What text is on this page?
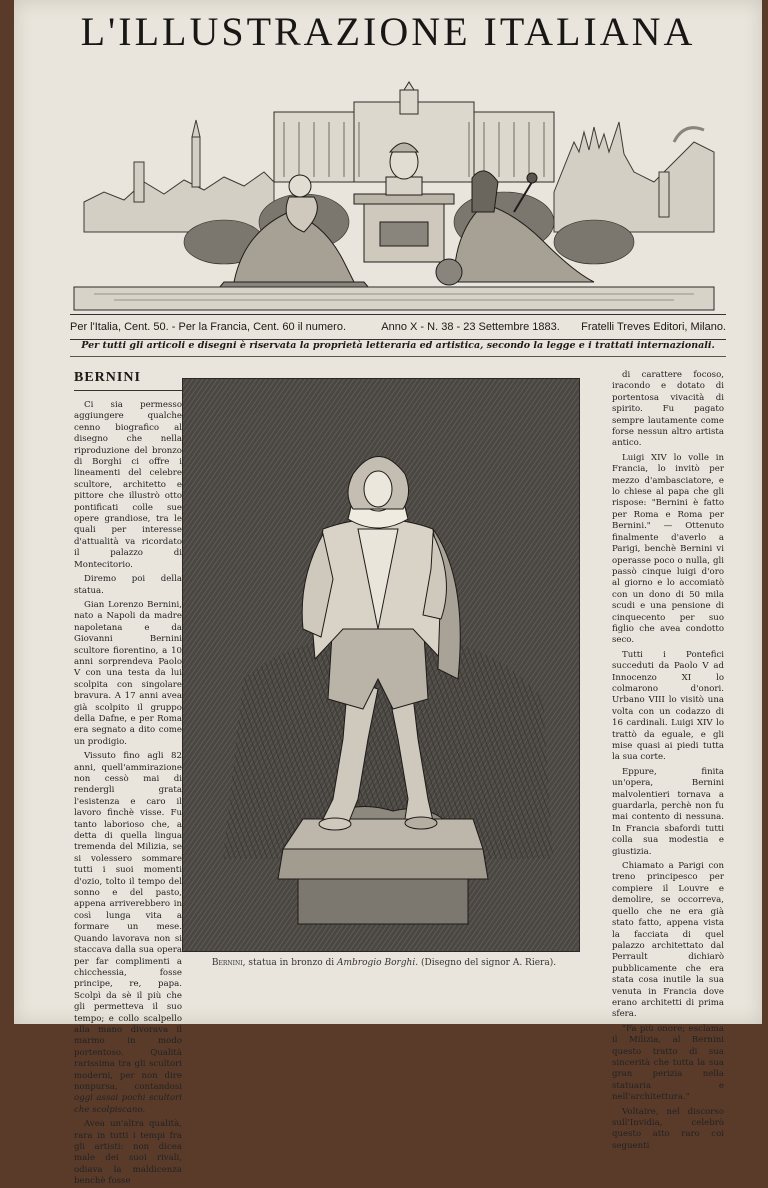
L'ILLUSTRAZIONE ITALIANA
Per l'Italia, Cent. 50. - Per la Francia, Cent. 60 il numero.	Anno X - N. 38 - 23 Settembre 1883. Fratelli Treves Editori, Milano.
Per tutti gli articoli e disegni è riservata la proprietà letteraria ed artistica, secondo la legge e i trattati internazionali.
BERNINI

Ci sia permesso aggiungere qualche cenno biografico al disegno che nella riproduzione del bronzo di Borghi ci offre i lineamenti del celebre scultore, architetto e pittore che illustrò otto pontificati colle sue opere grandiose, tra le quali per interesse d'attualità va ricordato il palazzo di Montecitorio.

Diremo poi della statua.

Gian Lorenzo Bernini, nato a Napoli da madre napoletana e da Giovanni Bernini scultore fiorentino, a 10 anni sorprendeva Paolo V con una testa da lui scolpita con singolare bravura. A 17 anni avea già scolpito il gruppo della Dafne, e per Roma era segnato a dito come un prodigio.

Vissuto fino agli 82 anni, quell'ammirazione non cessò mai di rendergli grata l'esistenza e caro il lavoro finchè visse. Fu tanto laborioso che, a detta di quella lingua tremenda del Milizia, se si volessero sommare tutti i suoi momenti d'ozio, tolto il tempo del sonno e del pasto, appena arriverebbero in così lunga vita a formare un mese. Quando lavorava non si staccava dalla sua opera per far complimenti a chicchessia, fosse principe, re, papa. Scolpì da sè il più che gli permetteva il suo tempo; e collo scalpello alla mano divorava il marmo in modo portentoso. Qualità rarissima tra gli scultori moderni, per non dire nonpursa, contandosi oggi assai pochi scultori che scolpiscano.

Avea un'altra qualità, rara in tutti i tempi fra gli artisti: non dicea male dei suoi rivali, odiava la maldicenza benchè fosse

Bernini, statua in bronzo di Ambrogio Borghi. (Disegno del signor A. Riera).

di carattere focoso, iracondo e dotato di portentosa vivacità di spirito. Fu pagato sempre lautamente come forse nessun altro artista antico.

Luigi XIV lo volle in Francia, lo invitò per mezzo d'ambasciatore, e lo chiese al papa che gli rispose: "Bernini è fatto per Roma e Roma per Bernini." — Ottenuto finalmente d'averlo a Parigi, benchè Bernini vi operasse poco o nulla, gli passò cinque luigi d'oro al giorno e lo accomiatò con un dono di 50 mila scudi e una pensione di cinquecento per suo figlio che avea condotto seco.

Tutti i Pontefici succeduti da Paolo V ad Innocenzo XI lo colmarono d'onori. Urbano VIII lo visitò una volta con un codazzo di 16 cardinali. Luigi XIV lo trattò da eguale, e gli mise quasi ai piedi tutta la sua corte.

Eppure, finita un'opera, Bernini malvolentieri tornava a guardarla, perchè non fu mai contento di nessuna. In Francia sbafordi tutti colla sua modestia e giustizia.

Chiamato a Parigi con treno principesco per compiere il Louvre e demolire, se occorreva, quello che ne era già stato fatto, appena vista la facciata di quel palazzo architettato dal Perrault dichiarò pubblicamente che era stata cosa inutile la sua venuta in Francia dove erano architetti di prima sfera.

"Fa più onore; esclama il Milizia, al Bernini questo tratto di sua sincerità che tutta la sua gran perizia nella statuaria e nell'architettura."

Voltaire, nel discorso sull'Invidia, celebrò questo atto raro coi seguenti
